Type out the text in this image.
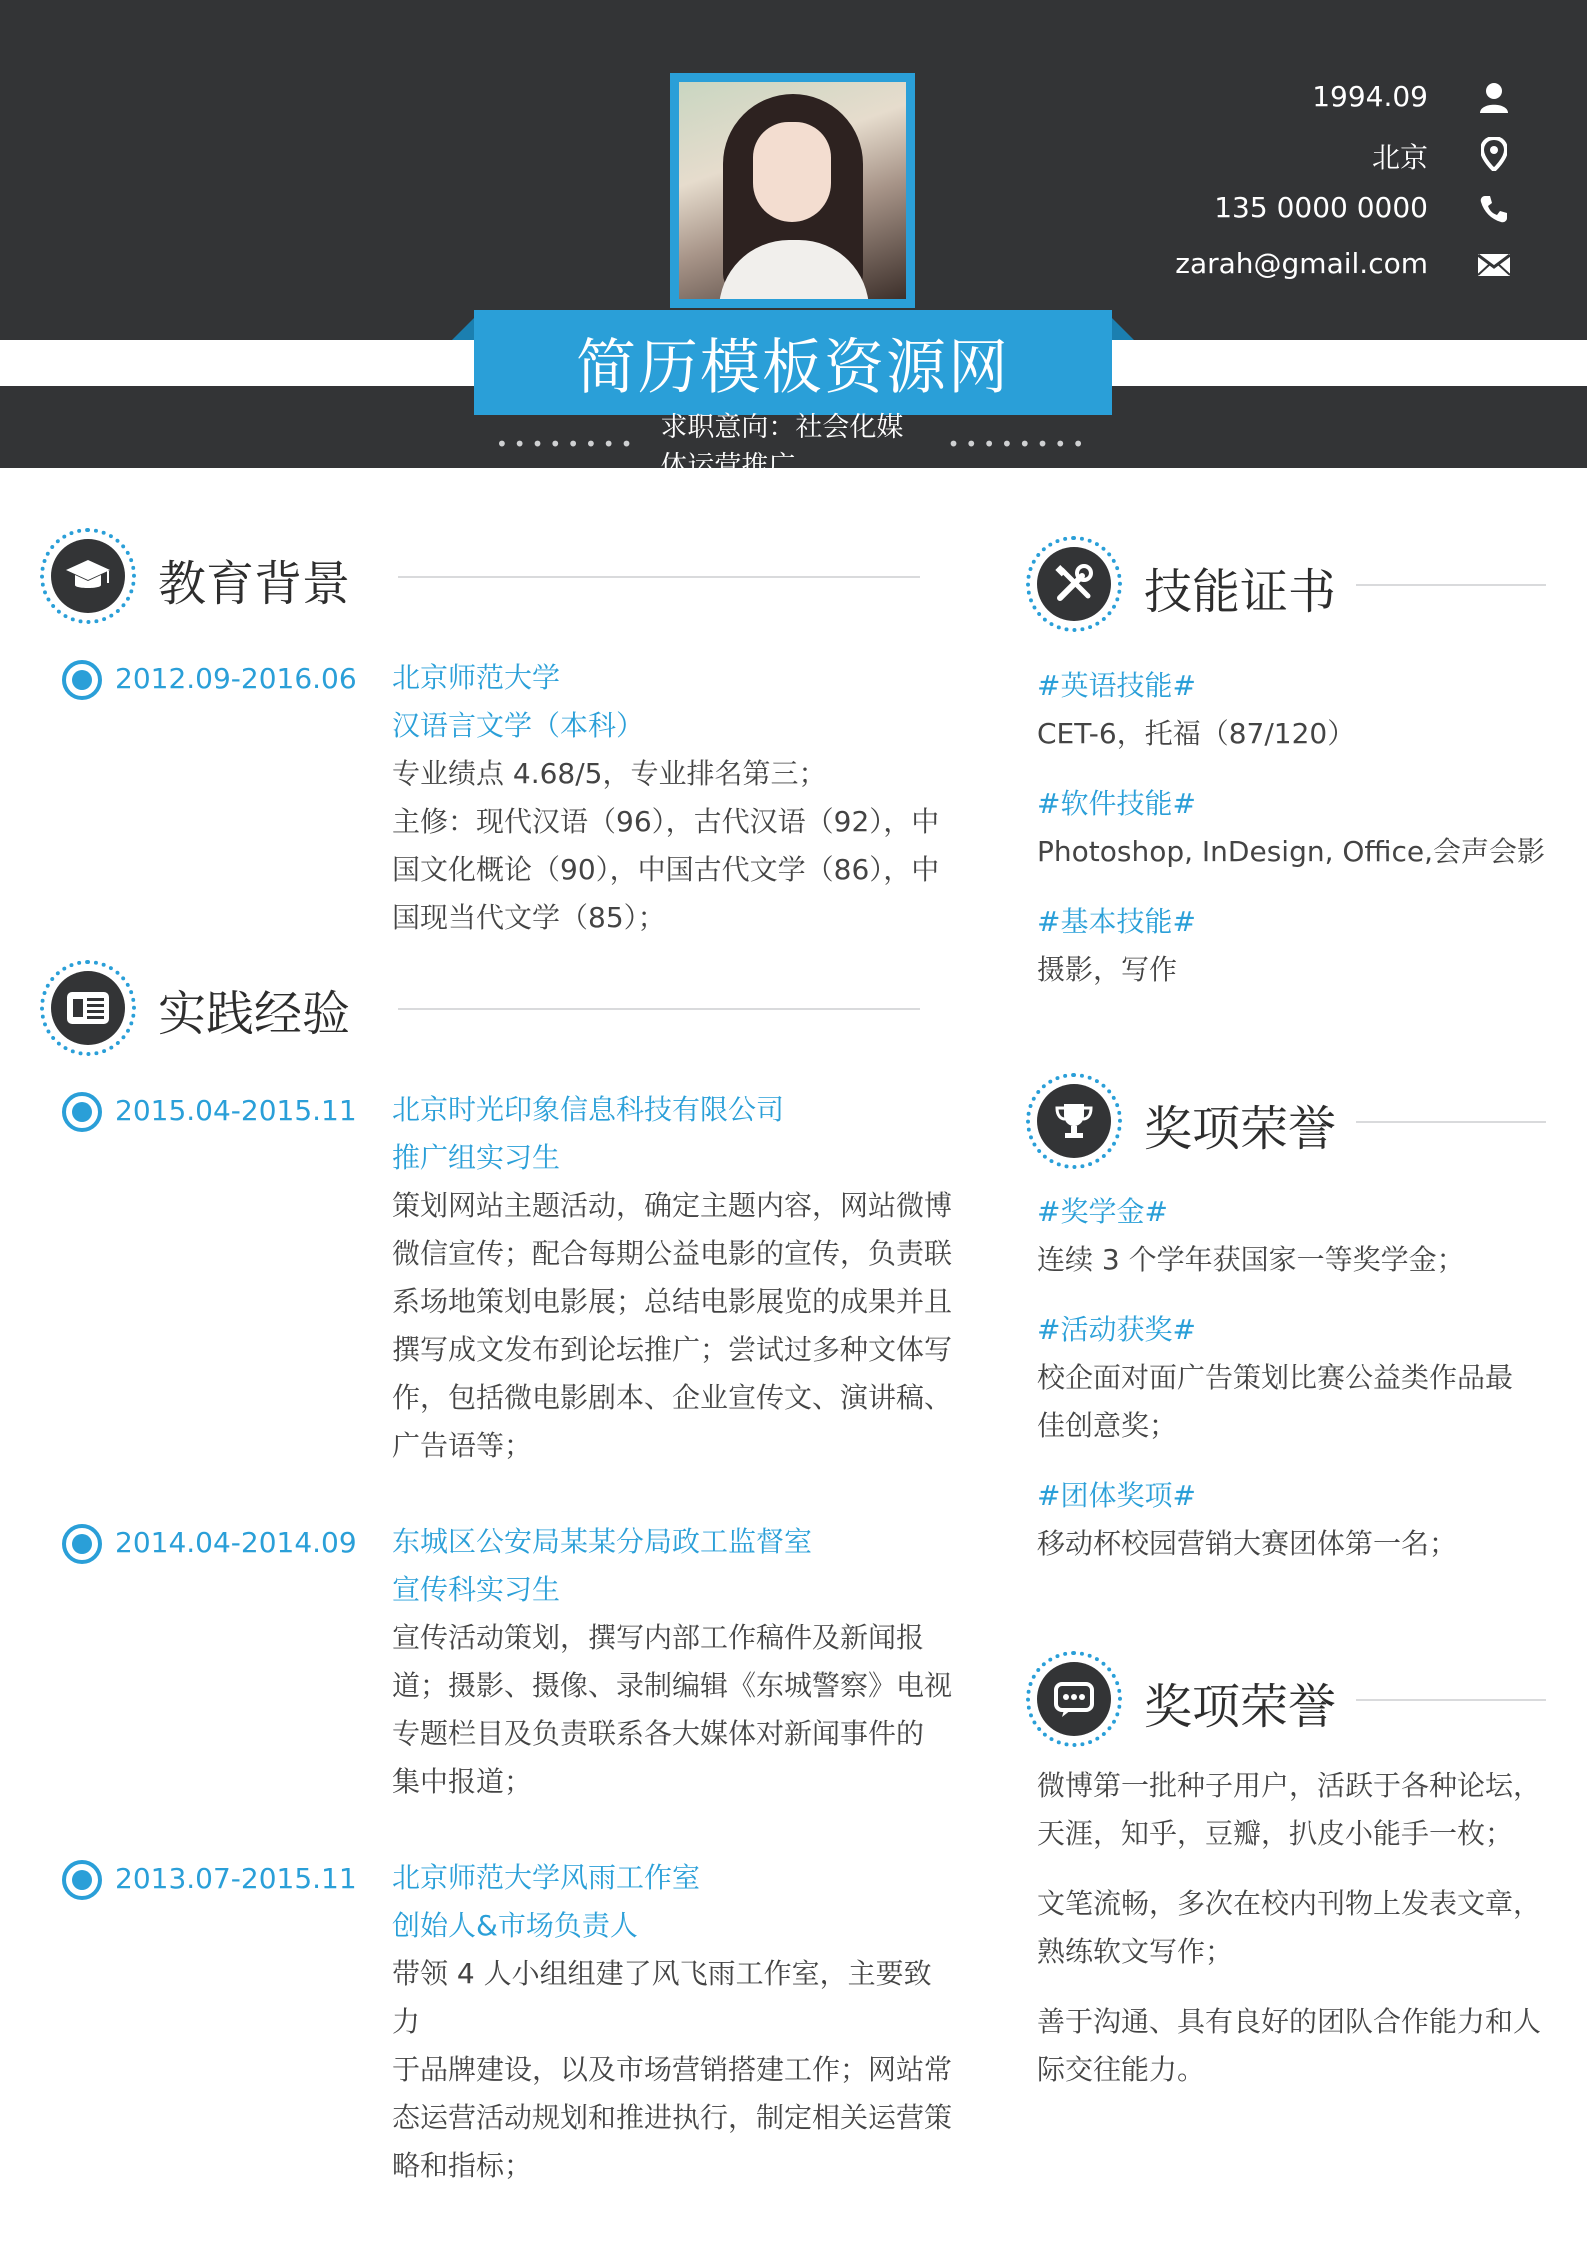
简历模板资源网
••••••••
求职意向：社会化媒体运营推广
••••••••
1994.09
北京
135 0000 0000
zarah@gmail.com
教育背景
2012.09-2016.06 北京师范大学
汉语言文学（本科）
专业绩点 4.68/5，专业排名第三；
主修：现代汉语（96），古代汉语（92），中
国文化概论（90），中国古代文学（86），中
国现当代文学（85）；
实践经验
2015.04-2015.11 北京时光印象信息科技有限公司
推广组实习生
策划网站主题活动，确定主题内容，网站微博
微信宣传；配合每期公益电影的宣传，负责联
系场地策划电影展；总结电影展览的成果并且
撰写成文发布到论坛推广；尝试过多种文体写
作，包括微电影剧本、企业宣传文、演讲稿、
广告语等；
2014.04-2014.09 东城区公安局某某分局政工监督室
宣传科实习生
宣传活动策划，撰写内部工作稿件及新闻报
道；摄影、摄像、录制编辑《东城警察》电视
专题栏目及负责联系各大媒体对新闻事件的
集中报道；
2013.07-2015.11 北京师范大学风雨工作室
创始人&市场负责人
带领 4 人小组组建了风飞雨工作室，主要致力
于品牌建设，以及市场营销搭建工作；网站常
态运营活动规划和推进执行，制定相关运营策
略和指标；
技能证书
#英语技能#
CET-6，托福（87/120）
#软件技能#
Photoshop, InDesign, Office,会声会影
#基本技能#
摄影，写作
奖项荣誉
#奖学金#
连续 3 个学年获国家一等奖学金；
#活动获奖#
校企面对面广告策划比赛公益类作品最
佳创意奖；
#团体奖项#
移动杯校园营销大赛团体第一名；
奖项荣誉
微博第一批种子用户，活跃于各种论坛，
天涯，知乎，豆瓣，扒皮小能手一枚；
文笔流畅，多次在校内刊物上发表文章，
熟练软文写作；
善于沟通、具有良好的团队合作能力和人
际交往能力。
